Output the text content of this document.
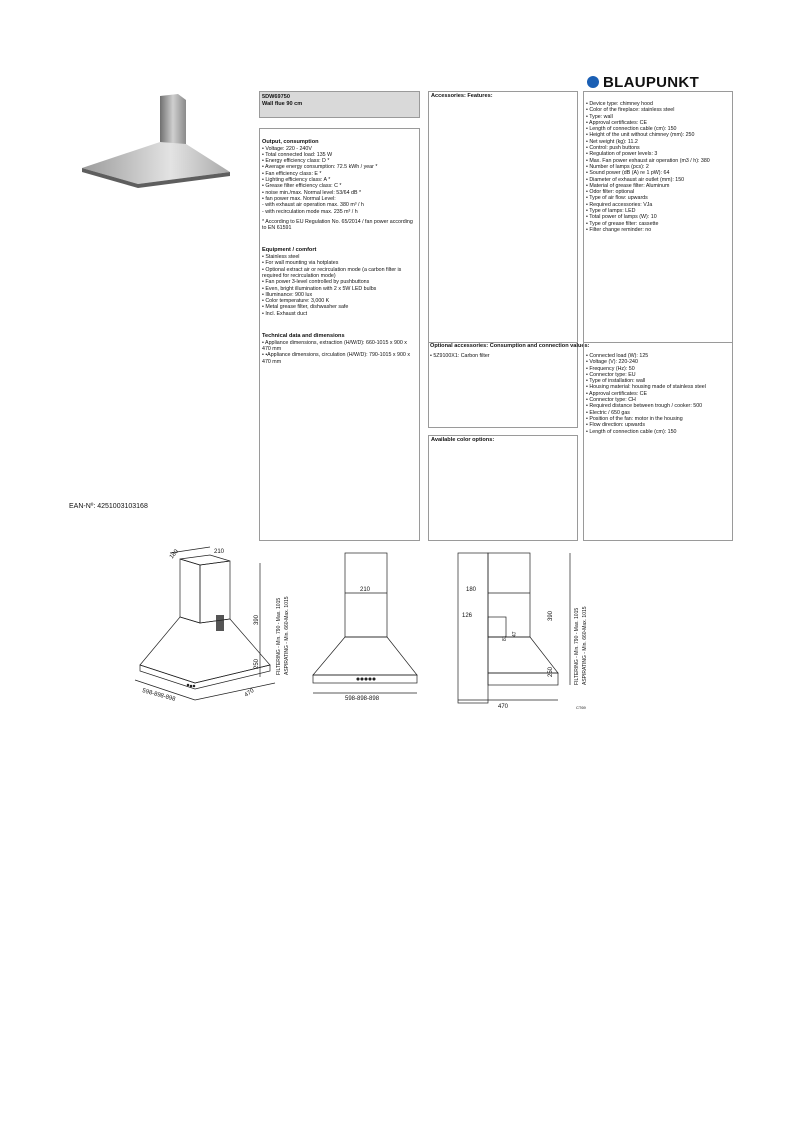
BLAUPUNKT
5DW69750
Wall flue 90 cm
Output, consumption
• Voltage: 220 - 240V
• Total connected load: 135 W
• Energy efficiency class: D *
• Average energy consumption: 72.5 kWh / year *
• Fan efficiency class: E *
• Lighting efficiency class: A *
• Grease filter efficiency class: C *
• noise min./max. Normal level: 53/64 dB *
• fan power max. Normal Level:
- with exhaust air operation max. 380 m³ / h
- with recirculation mode max. 235 m³ / h
* According to EU Regulation No. 65/2014 / fan power according to EN 61591
Equipment / comfort
• Stainless steel
• For wall mounting via hotplates
• Optional extract air or recirculation mode (a carbon filter is required for recirculation mode)
• Fan power 3-level controlled by pushbuttons
• Even, bright illumination with 2 x 5W LED bulbs
• Illuminance: 900 lux
• Color temperature: 3,000 K
• Metal grease filter, dishwasher safe
• Incl. Exhaust duct
Technical data and dimensions
• Appliance dimensions, extraction (H/W/D): 660-1015 x 900 x 470 mm
• •Appliance dimensions, circulation (H/W/D): 790-1015 x 900 x 470 mm
Accessories: Features:
Optional accessories: Consumption and connection values:
• 5Z9100X1: Carbon filter
Available color options:
• Device type: chimney hood
• Color of the fireplace: stainless steel
• Type: wall
• Approval certificates: CE
• Length of connection cable (cm): 150
• Height of the unit without chimney (mm): 250
• Net weight (kg): 11.2
• Control: push buttons
• Regulation of power levels: 3
• Max. Fan power exhaust air operation (m3 / h): 380
• Number of lamps (pcs): 2
• Sound power (dB (A) re 1 pW): 64
• Diameter of exhaust air outlet (mm): 150
• Material of grease filter: Aluminum
• Odor filter: optional
• Type of air flow: upwards
• Required accessories: VJa
• Type of lamps: LED
• Total power of lamps (W): 10
• Type of grease filter: cassette
• Filter change reminder: no
• Connected load (W): 125
• Voltage (V): 220-240
• Frequency (Hz): 50
• Connector type: EU
• Type of installation: wall
• Housing material: housing made of stainless steel
• Approval certificates: CE
• Connector type: CH
• Required distance between trough / cooker: 500
• Electric / 650 gas
• Position of the fan: motor in the housing
• Flow direction: upwards
• Length of connection cable (cm): 150
EAN-Nº: 4251003103168
180	210
390
250	FILTERING - Min. 790 - Max. 1015 ASPIRATING - Min. 660-Max. 1015
470
598-898-898
210
598-898-898
180
126
81
47
390
250
470
FILTERING - Min. 790 - Max. 1015 ASPIRATING - Min. 660-Max. 1015
CT69
